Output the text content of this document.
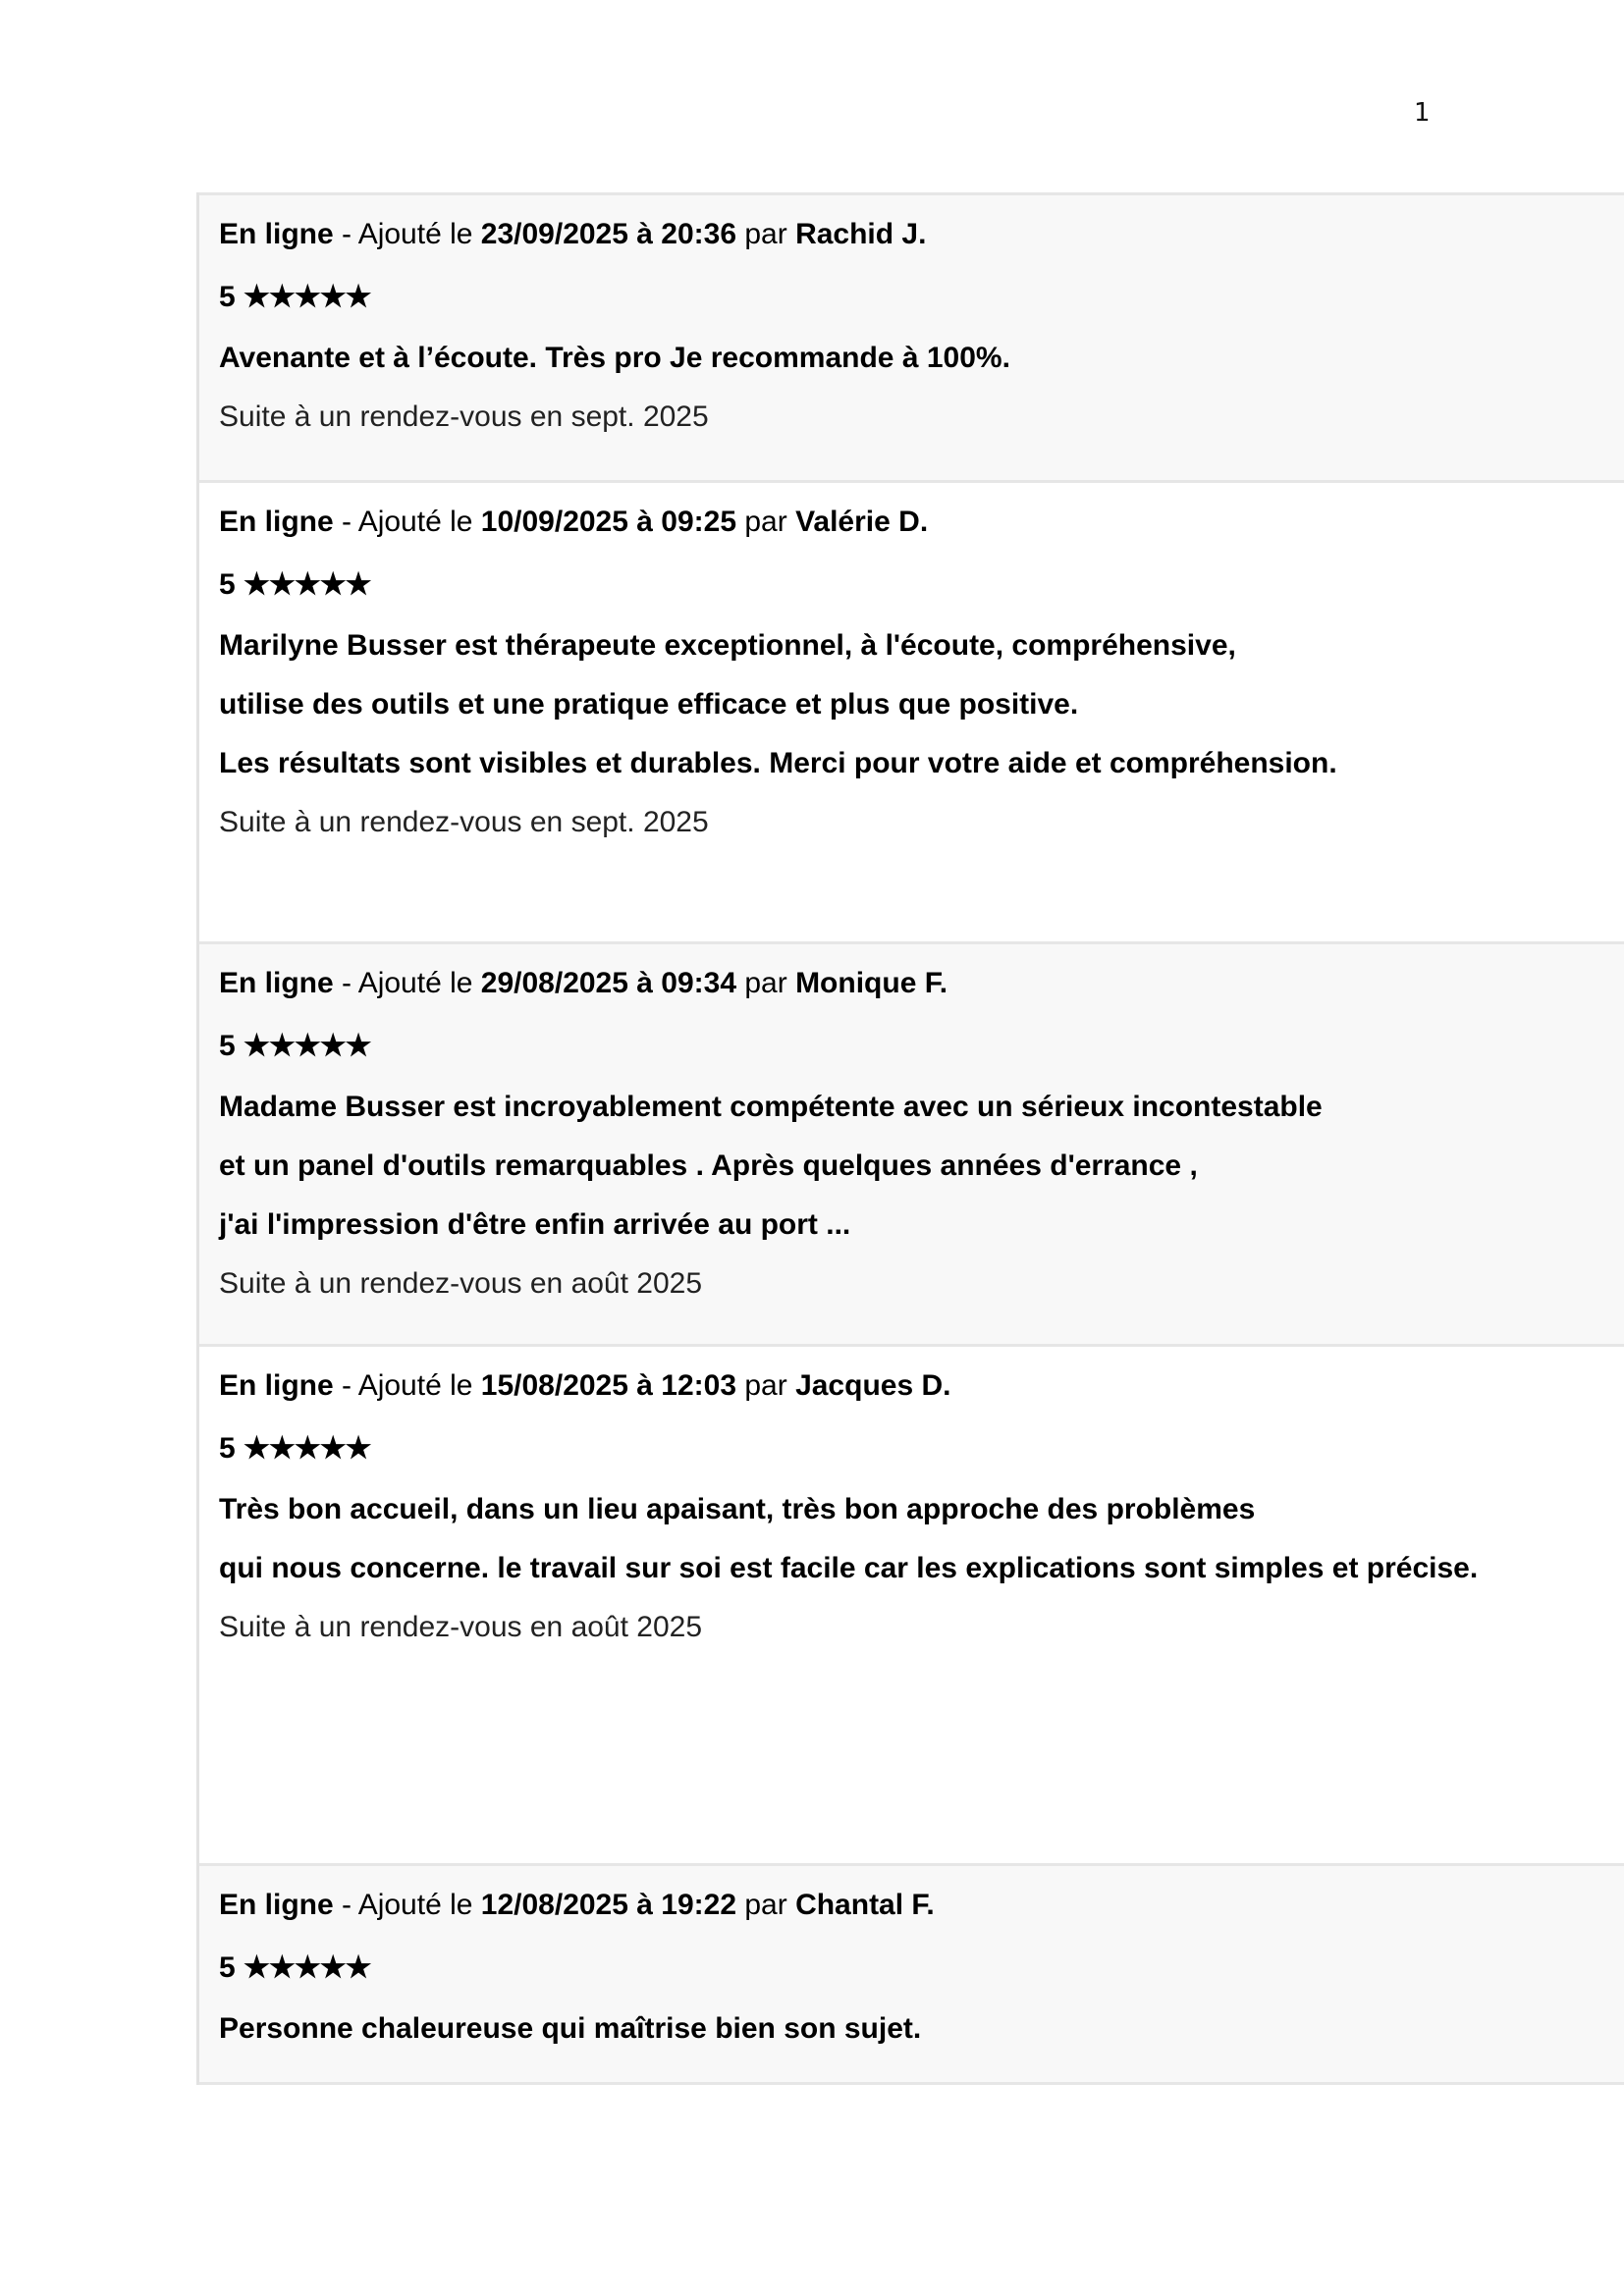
1
En ligne - Ajouté le 23/09/2025 à 20:36 par Rachid J.
5 ★★★★★
Avenante et à l’écoute. Très pro Je recommande à 100%.
Suite à un rendez-vous en sept. 2025
En ligne - Ajouté le 10/09/2025 à 09:25 par Valérie D.
5 ★★★★★
Marilyne Busser est thérapeute exceptionnel, à l'écoute, compréhensive,
utilise des outils et une pratique efficace et plus que positive.
Les résultats sont visibles et durables. Merci pour votre aide et compréhension.
Suite à un rendez-vous en sept. 2025
En ligne - Ajouté le 29/08/2025 à 09:34 par Monique F.
5 ★★★★★
Madame Busser est incroyablement compétente avec un sérieux incontestable
et un panel d'outils remarquables . Après quelques années d'errance ,
j'ai l'impression d'être enfin arrivée au port ...
Suite à un rendez-vous en août 2025
En ligne - Ajouté le 15/08/2025 à 12:03 par Jacques D.
5 ★★★★★
Très bon accueil, dans un lieu apaisant, très bon approche des problèmes
qui nous concerne. le travail sur soi est facile car les explications sont simples et précise.
Suite à un rendez-vous en août 2025
En ligne - Ajouté le 12/08/2025 à 19:22 par Chantal F.
5 ★★★★★
Personne chaleureuse qui maîtrise bien son sujet.
